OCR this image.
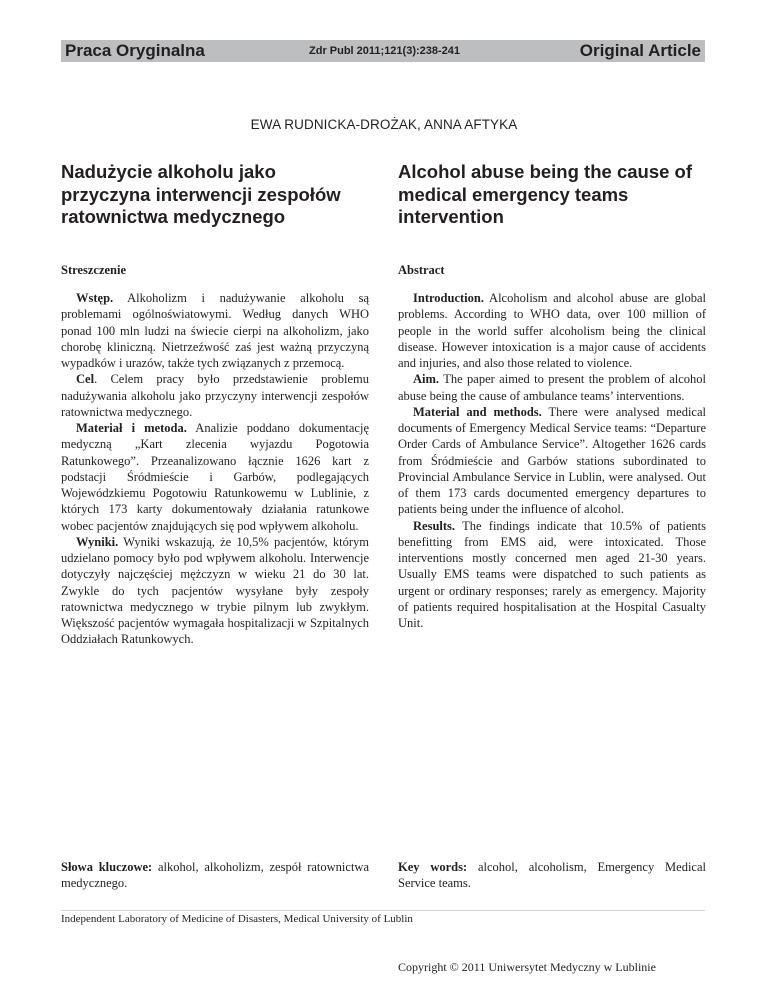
Praca Oryginalna	Zdr Publ 2011;121(3):238-241	Original Article
EWA RUDNICKA-DROŻAK, ANNA AFTYKA
Nadużycie alkoholu jako przyczyna interwencji zespołów ratownictwa medycznego
Alcohol abuse being the cause of medical emergency teams intervention
Streszczenie	Abstract

Wstęp. Alkoholizm i nadużywanie alkoholu są problemami ogólnoświatowymi. Według danych WHO ponad 100 mln ludzi na świecie cierpi na alkoholizm, jako chorobę kliniczną. Nietrzeźwość zaś jest ważną przyczyną wypadków i urazów, także tych związanych z przemocą.

Cel. Celem pracy było przedstawienie problemu nadużywania alkoholu jako przyczyny interwencji zespołów ratownictwa medycznego.

Materiał i metoda. Analizie poddano dokumentację medyczną „Kart zlecenia wyjazdu Pogotowia Ratunkowego”. Przeanalizowano łącznie 1626 kart z podstacji Śródmieście i Garbów, podlegających Wojewódzkiemu Pogotowiu Ratunkowemu w Lublinie, z których 173 karty dokumentowały działania ratunkowe wobec pacjentów znajdujących się pod wpływem alkoholu.

Wyniki. Wyniki wskazują, że 10,5% pacjentów, którym udzielano pomocy było pod wpływem alkoholu. Interwencje dotyczyły najczęściej mężczyzn w wieku 21 do 30 lat. Zwykle do tych pacjentów wysyłane były zespoły ratownictwa medycznego w trybie pilnym lub zwykłym. Większość pacjentów wymagała hospitalizacji w Szpitalnych Oddziałach Ratunkowych.

Introduction. Alcoholism and alcohol abuse are global problems. According to WHO data, over 100 million of people in the world suffer alcoholism being the clinical disease. However intoxication is a major cause of accidents and injuries, and also those related to violence.

Aim. The paper aimed to present the problem of alcohol abuse being the cause of ambulance teams’ interventions.

Material and methods. There were analysed medical documents of Emergency Medical Service teams: “Departure Order Cards of Ambulance Service”. Altogether 1626 cards from Śródmieście and Garbów stations subordinated to Provincial Ambulance Service in Lublin, were analysed. Out of them 173 cards documented emergency departures to patients being under the influence of alcohol.

Results. The findings indicate that 10.5% of patients benefitting from EMS aid, were intoxicated. Those interventions mostly concerned men aged 21-30 years. Usually EMS teams were dispatched to such patients as urgent or ordinary responses; rarely as emergency. Majority of patients required hospitalisation at the Hospital Casualty Unit.

Słowa kluczowe: alkohol, alkoholizm, zespół ratownictwa medycznego.
Key words: alcohol, alcoholism, Emergency Medical Service teams.
Independent Laboratory of Medicine of Disasters, Medical University of Lublin
Copyright © 2011 Uniwersytet Medyczny w Lublinie
